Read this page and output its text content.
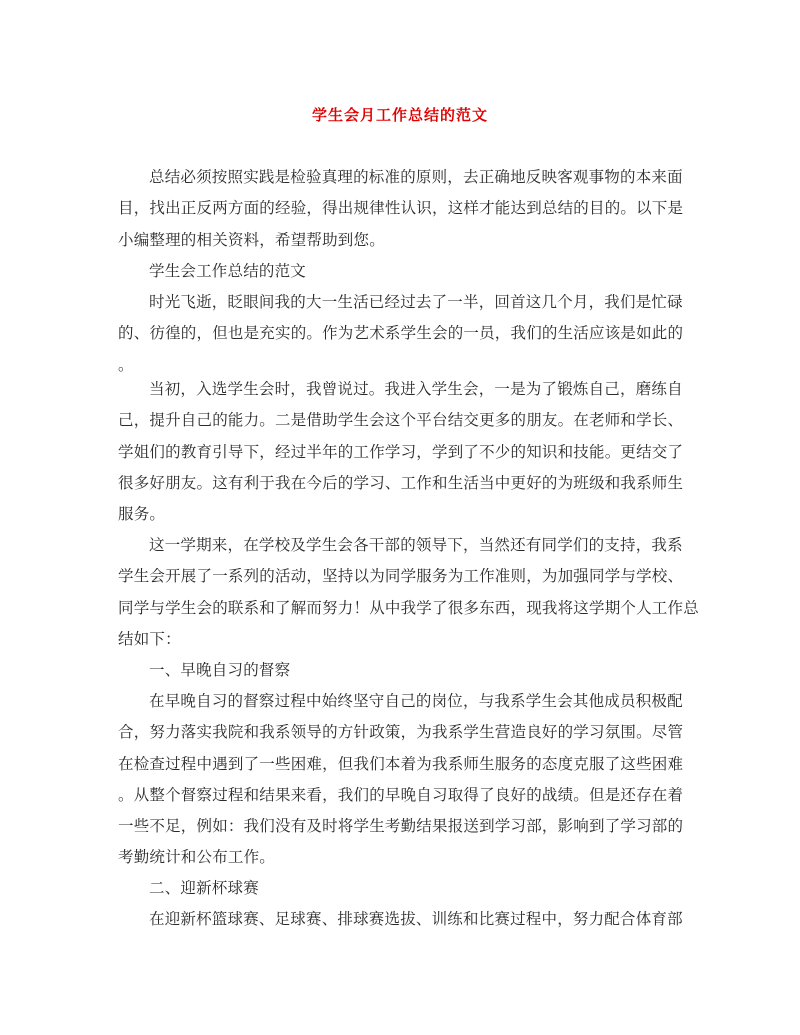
学生会月工作总结的范文
总结必须按照实践是检验真理的标准的原则，去正确地反映客观事物的本来面
目，找出正反两方面的经验，得出规律性认识，这样才能达到总结的目的。以下是
小编整理的相关资料，希望帮助到您。
学生会工作总结的范文
时光飞逝，眨眼间我的大一生活已经过去了一半，回首这几个月，我们是忙碌
的、彷徨的，但也是充实的。作为艺术系学生会的一员，我们的生活应该是如此的
。
当初，入选学生会时，我曾说过。我进入学生会，一是为了锻炼自己，磨练自
己，提升自己的能力。二是借助学生会这个平台结交更多的朋友。在老师和学长、
学姐们的教育引导下，经过半年的工作学习，学到了不少的知识和技能。更结交了
很多好朋友。这有利于我在今后的学习、工作和生活当中更好的为班级和我系师生
服务。
这一学期来，在学校及学生会各干部的领导下，当然还有同学们的支持，我系
学生会开展了一系列的活动，坚持以为同学服务为工作准则，为加强同学与学校、
同学与学生会的联系和了解而努力！从中我学了很多东西，现我将这学期个人工作总
结如下：
一、早晚自习的督察
在早晚自习的督察过程中始终坚守自己的岗位，与我系学生会其他成员积极配
合，努力落实我院和我系领导的方针政策，为我系学生营造良好的学习氛围。尽管
在检查过程中遇到了一些困难，但我们本着为我系师生服务的态度克服了这些困难
。从整个督察过程和结果来看，我们的早晚自习取得了良好的战绩。但是还存在着
一些不足，例如：我们没有及时将学生考勤结果报送到学习部，影响到了学习部的
考勤统计和公布工作。
二、迎新杯球赛
在迎新杯篮球赛、足球赛、排球赛选拔、训练和比赛过程中，努力配合体育部
